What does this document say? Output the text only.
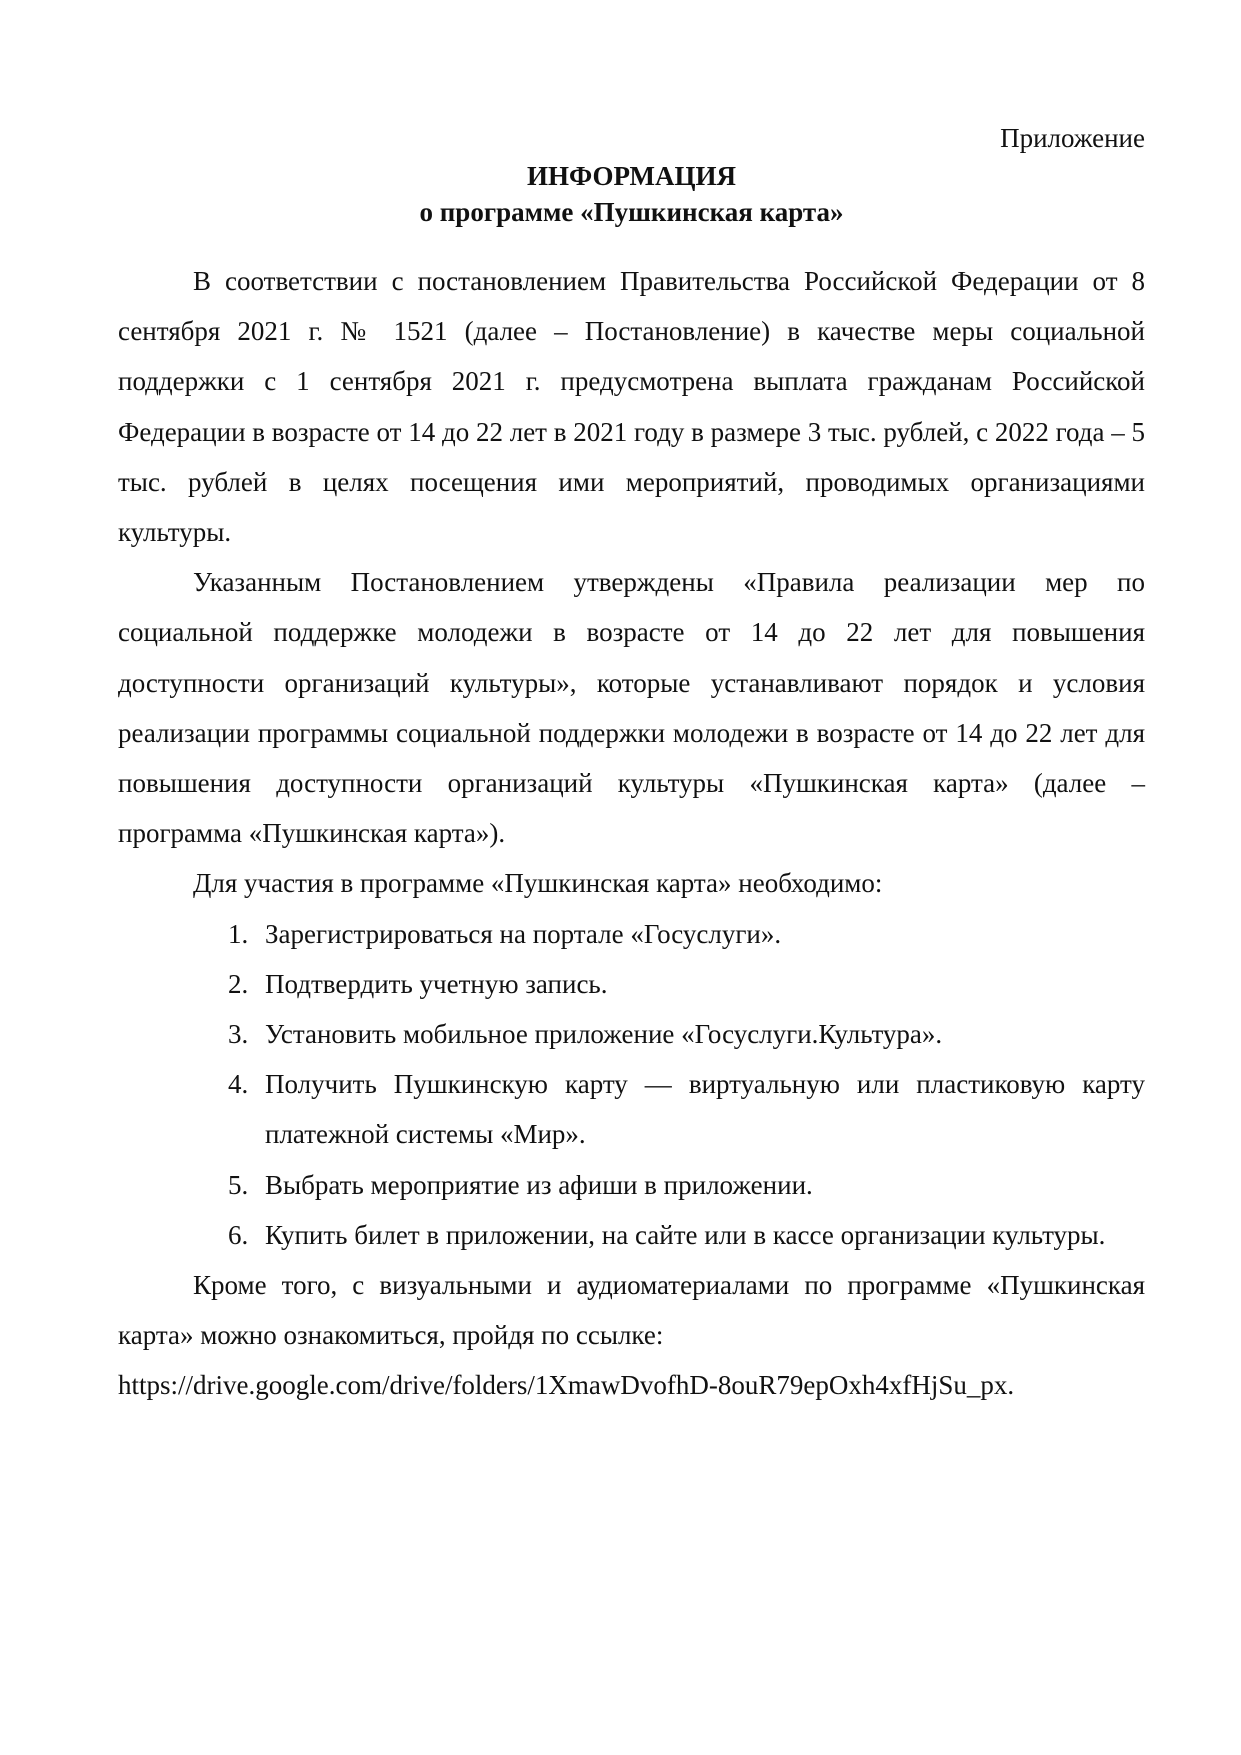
Приложение

ИНФОРМАЦИЯ

о программе «Пушкинская карта»

В соответствии с постановлением Правительства Российской Федерации от 8 сентября 2021 г. № 1521 (далее – Постановление) в качестве меры социальной поддержки с 1 сентября 2021 г. предусмотрена выплата гражданам Российской Федерации в возрасте от 14 до 22 лет в 2021 году в размере 3 тыс. рублей, с 2022 года – 5 тыс. рублей в целях посещения ими мероприятий, проводимых организациями культуры.

Указанным Постановлением утверждены «Правила реализации мер по социальной поддержке молодежи в возрасте от 14 до 22 лет для повышения доступности организаций культуры», которые устанавливают порядок и условия реализации программы социальной поддержки молодежи в возрасте от 14 до 22 лет для повышения доступности организаций культуры «Пушкинская карта» (далее – программа «Пушкинская карта»).

Для участия в программе «Пушкинская карта» необходимо:

1. Зарегистрироваться на портале «Госуслуги».
2. Подтвердить учетную запись.
3. Установить мобильное приложение «Госуслуги.Культура».
4. Получить Пушкинскую карту — виртуальную или пластиковую карту платежной системы «Мир».
5. Выбрать мероприятие из афиши в приложении.
6. Купить билет в приложении, на сайте или в кассе организации культуры.

Кроме того, с визуальными и аудиоматериалами по программе «Пушкинская карта» можно ознакомиться, пройдя по ссылке:

https://drive.google.com/drive/folders/1XmawDvofhD-8ouR79epOxh4xfHjSu_px.
